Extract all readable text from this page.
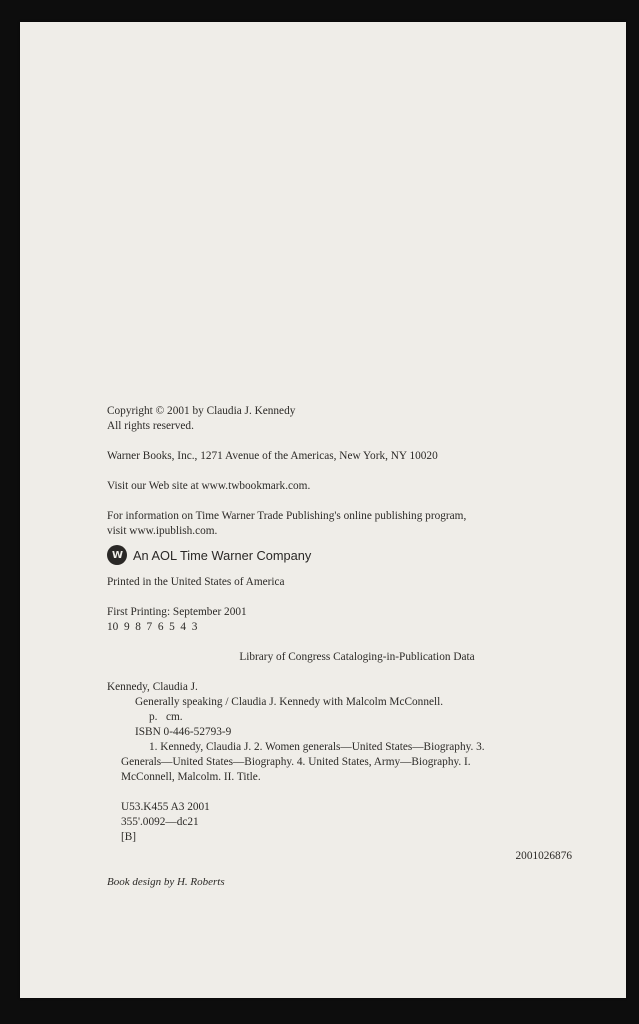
Copyright © 2001 by Claudia J. Kennedy
All rights reserved.
Warner Books, Inc., 1271 Avenue of the Americas, New York, NY 10020
Visit our Web site at www.twbookmark.com.
For information on Time Warner Trade Publishing's online publishing program,
visit www.ipublish.com.
W An AOL Time Warner Company
Printed in the United States of America
First Printing: September 2001
10  9  8  7  6  5  4  3
Library of Congress Cataloging-in-Publication Data
Kennedy, Claudia J.
Generally speaking / Claudia J. Kennedy with Malcolm McConnell.
p.   cm.
ISBN 0-446-52793-9
1. Kennedy, Claudia J. 2. Women generals—United States—Biography. 3.
Generals—United States—Biography. 4. United States, Army—Biography. I.
McConnell, Malcolm. II. Title.
U53.K455 A3 2001
355'.0092—dc21
[B]
2001026876
Book design by H. Roberts
